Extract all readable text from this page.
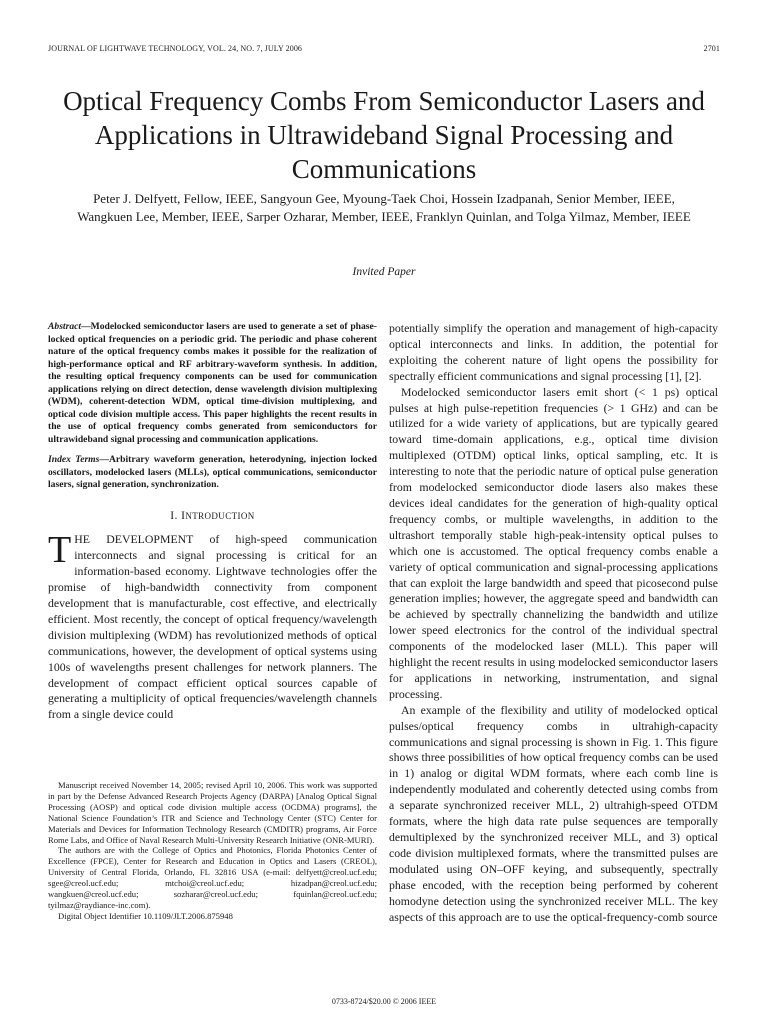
JOURNAL OF LIGHTWAVE TECHNOLOGY, VOL. 24, NO. 7, JULY 2006	2701
Optical Frequency Combs From Semiconductor Lasers and Applications in Ultrawideband Signal Processing and Communications
Peter J. Delfyett, Fellow, IEEE, Sangyoun Gee, Myoung-Taek Choi, Hossein Izadpanah, Senior Member, IEEE,
Wangkuen Lee, Member, IEEE, Sarper Ozharar, Member, IEEE, Franklyn Quinlan, and Tolga Yilmaz, Member, IEEE
Invited Paper

Abstract—Modelocked semiconductor lasers are used to generate a set of phase-locked optical frequencies on a periodic grid. The periodic and phase coherent nature of the optical frequency combs makes it possible for the realization of high-performance optical and RF arbitrary-waveform synthesis. In addition, the resulting optical frequency components can be used for communication applications relying on direct detection, dense wavelength division multiplexing (WDM), coherent-detection WDM, optical time-division multiplexing, and optical code division multiple access. This paper highlights the recent results in the use of optical frequency combs generated from semiconductors for ultrawideband signal processing and communication applications.

Index Terms—Arbitrary waveform generation, heterodyning, injection locked oscillators, modelocked lasers (MLLs), optical communications, semiconductor lasers, signal generation, synchronization.

I. INTRODUCTION

THE DEVELOPMENT of high-speed communication interconnects and signal processing is critical for an information-based economy. Lightwave technologies offer the promise of high-bandwidth connectivity from component development that is manufacturable, cost effective, and electrically efficient. Most recently, the concept of optical frequency/wavelength division multiplexing (WDM) has revolutionized methods of optical communications, however, the development of optical systems using 100s of wavelengths present challenges for network planners. The development of compact efficient optical sources capable of generating a multiplicity of optical frequencies/wavelength channels from a single device could

Manuscript received November 14, 2005; revised April 10, 2006. This work was supported in part by the Defense Advanced Research Projects Agency (DARPA) [Analog Optical Signal Processing (AOSP) and optical code division multiple access (OCDMA) programs], the National Science Foundation’s ITR and Science and Technology Center (STC) Center for Materials and Devices for Information Technology Research (CMDITR) programs, Air Force Rome Labs, and Office of Naval Research Multi-University Research Initiative (ONR-MURI).

The authors are with the College of Optics and Photonics, Florida Photonics Center of Excellence (FPCE), Center for Research and Education in Optics and Lasers (CREOL), University of Central Florida, Orlando, FL 32816 USA (e-mail: delfyett@creol.ucf.edu; sgee@creol.ucf.edu; mtchoi@creol.ucf.edu; hizadpan@creol.ucf.edu; wangkuen@creol.ucf.edu; sozharar@creol.ucf.edu; fquinlan@creol.ucf.edu; tyilmaz@raydiance-inc.com).

Digital Object Identifier 10.1109/JLT.2006.875948

potentially simplify the operation and management of high-capacity optical interconnects and links. In addition, the potential for exploiting the coherent nature of light opens the possibility for spectrally efficient communications and signal processing [1], [2].

Modelocked semiconductor lasers emit short (< 1 ps) optical pulses at high pulse-repetition frequencies (> 1 GHz) and can be utilized for a wide variety of applications, but are typically geared toward time-domain applications, e.g., optical time division multiplexed (OTDM) optical links, optical sampling, etc. It is interesting to note that the periodic nature of optical pulse generation from modelocked semiconductor diode lasers also makes these devices ideal candidates for the generation of high-quality optical frequency combs, or multiple wavelengths, in addition to the ultrashort temporally stable high-peak-intensity optical pulses to which one is accustomed. The optical frequency combs enable a variety of optical communication and signal-processing applications that can exploit the large bandwidth and speed that picosecond pulse generation implies; however, the aggregate speed and bandwidth can be achieved by spectrally channelizing the bandwidth and utilize lower speed electronics for the control of the individual spectral components of the modelocked laser (MLL). This paper will highlight the recent results in using modelocked semiconductor lasers for applications in networking, instrumentation, and signal processing.

An example of the flexibility and utility of modelocked optical pulses/optical frequency combs in ultrahigh-capacity communications and signal processing is shown in Fig. 1. This figure shows three possibilities of how optical frequency combs can be used in 1) analog or digital WDM formats, where each comb line is independently modulated and coherently detected using combs from a separate synchronized receiver MLL, 2) ultrahigh-speed OTDM formats, where the high data rate pulse sequences are temporally demultiplexed by the synchronized receiver MLL, and 3) optical code division multiplexed formats, where the transmitted pulses are modulated using ON–OFF keying, and subsequently, spectrally phase encoded, with the reception being performed by coherent homodyne detection using the synchronized receiver MLL. The key aspects of this approach are to use the optical-frequency-comb source

0733-8724/$20.00 © 2006 IEEE
